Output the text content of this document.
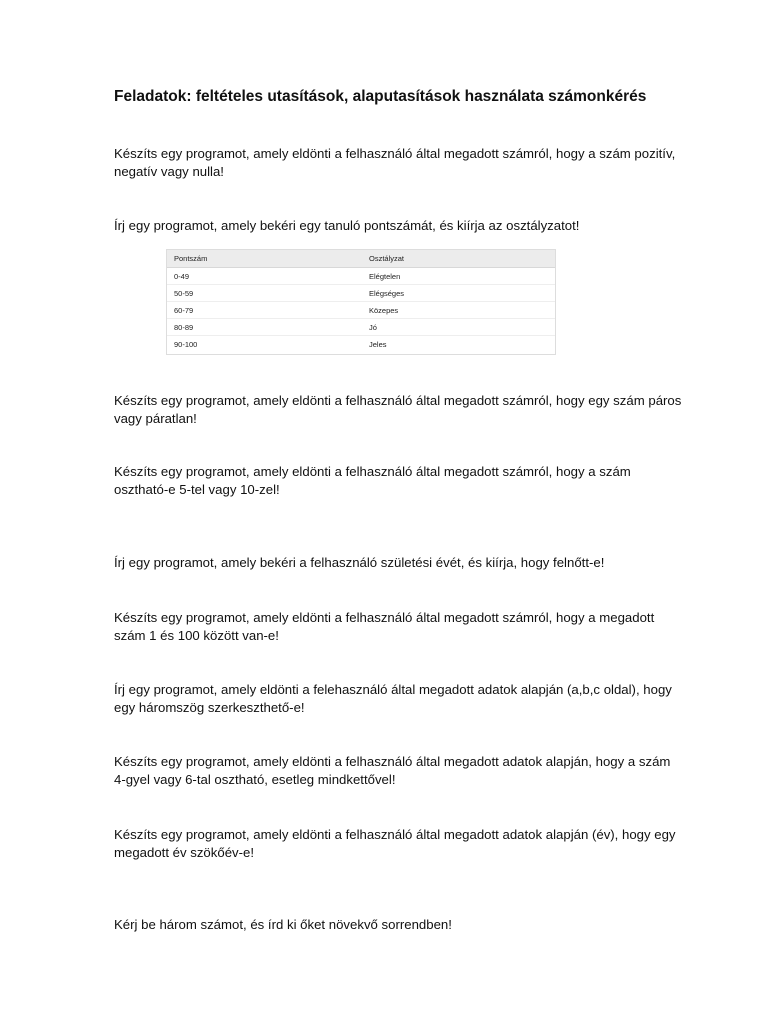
Feladatok: feltételes utasítások, alaputasítások használata számonkérés

Készíts egy programot, amely eldönti a felhasználó által megadott számról, hogy a szám pozitív, negatív vagy nulla!

Írj egy programot, amely bekéri egy tanuló pontszámát, és kiírja az osztályzatot!

Pontszám	Osztályzat
0-49	Elégtelen
50-59	Elégséges
60-79	Közepes
80-89	Jó
90-100	Jeles

Készíts egy programot, amely eldönti a felhasználó által megadott számról, hogy egy szám páros vagy páratlan!

Készíts egy programot, amely eldönti a felhasználó által megadott számról, hogy a szám osztható-e 5-tel vagy 10-zel!

Írj egy programot, amely bekéri a felhasználó születési évét, és kiírja, hogy felnőtt-e!

Készíts egy programot, amely eldönti a felhasználó által megadott számról, hogy a megadott szám 1 és 100 között van-e!

Írj egy programot, amely eldönti a felehasználó által megadott adatok alapján (a,b,c oldal), hogy egy háromszög szerkeszthető-e!

Készíts egy programot, amely eldönti a felhasználó által megadott adatok alapján, hogy a szám 4-gyel vagy 6-tal osztható, esetleg mindkettővel!

Készíts egy programot, amely eldönti a felhasználó által megadott adatok alapján (év), hogy egy megadott év szökőév-e!

Kérj be három számot, és írd ki őket növekvő sorrendben!
